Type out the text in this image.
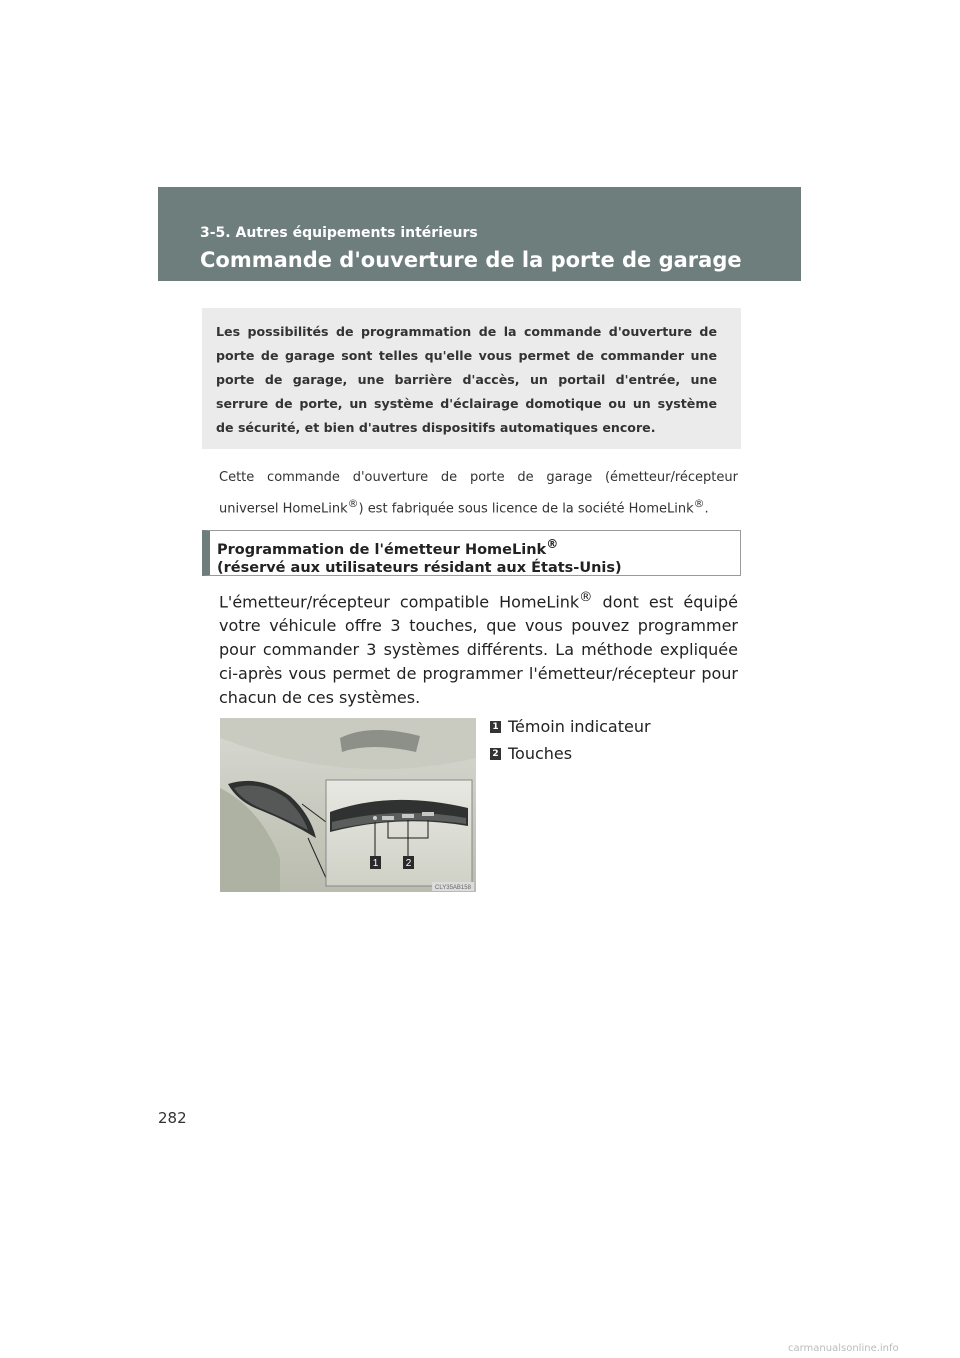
3-5. Autres équipements intérieurs
Commande d'ouverture de la porte de garage
Les possibilités de programmation de la commande d'ouverture de porte de garage sont telles qu'elle vous permet de commander une porte de garage, une barrière d'accès, un portail d'entrée, une serrure de porte, un système d'éclairage domotique ou un système de sécurité, et bien d'autres dispositifs automatiques encore.
Cette commande d'ouverture de porte de garage (émetteur/récepteur universel HomeLink®) est fabriquée sous licence de la société HomeLink®.
Programmation de l'émetteur HomeLink®
(réservé aux utilisateurs résidant aux États-Unis)
L'émetteur/récepteur compatible HomeLink® dont est équipé votre véhicule offre 3 touches, que vous pouvez programmer pour commander 3 systèmes différents. La méthode expliquée ci-après vous permet de programmer l'émetteur/récepteur pour chacun de ces systèmes.
1	2
CLY35AB158
1 Témoin indicateur
2 Touches
282
carmanualsonline.info
